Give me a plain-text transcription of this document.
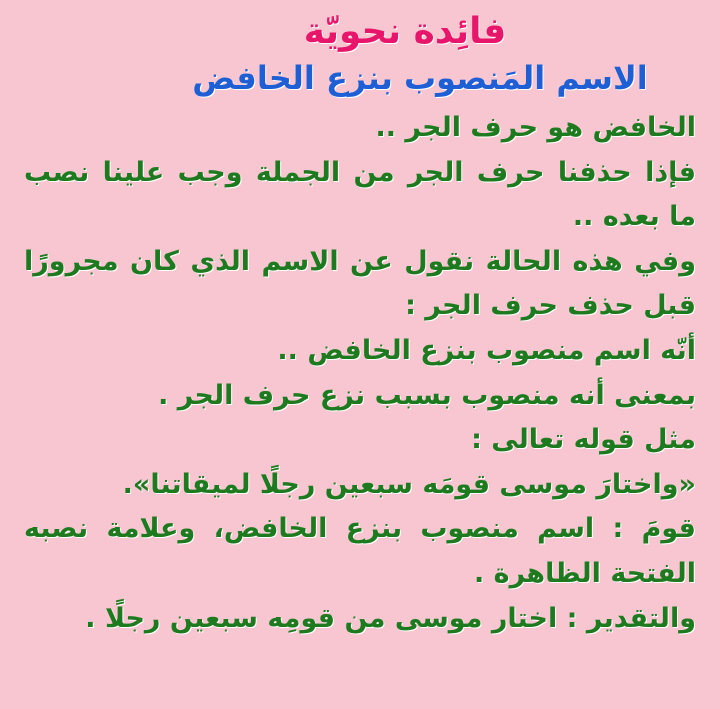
فائِدة نحويّة
الاسم المَنصوب بنزع الخافض
الخافض هو حرف الجر ..
فإذا حذفنا حرف الجر من الجملة وجب علينا نصب
ما بعده ..
وفي هذه الحالة نقول عن الاسم الذي كان مجرورًا
قبل حذف حرف الجر :
أنّه اسم منصوب بنزع الخافض ..
بمعنى أنه منصوب بسبب نزع حرف الجر .
مثل قوله تعالى :
«واختارَ موسى قومَه سبعين رجلًا لميقاتنا».
قومَ : اسم منصوب بنزع الخافض، وعلامة نصبه
الفتحة الظاهرة .
والتقدير : اختار موسى من قومِه سبعين رجلًا .
